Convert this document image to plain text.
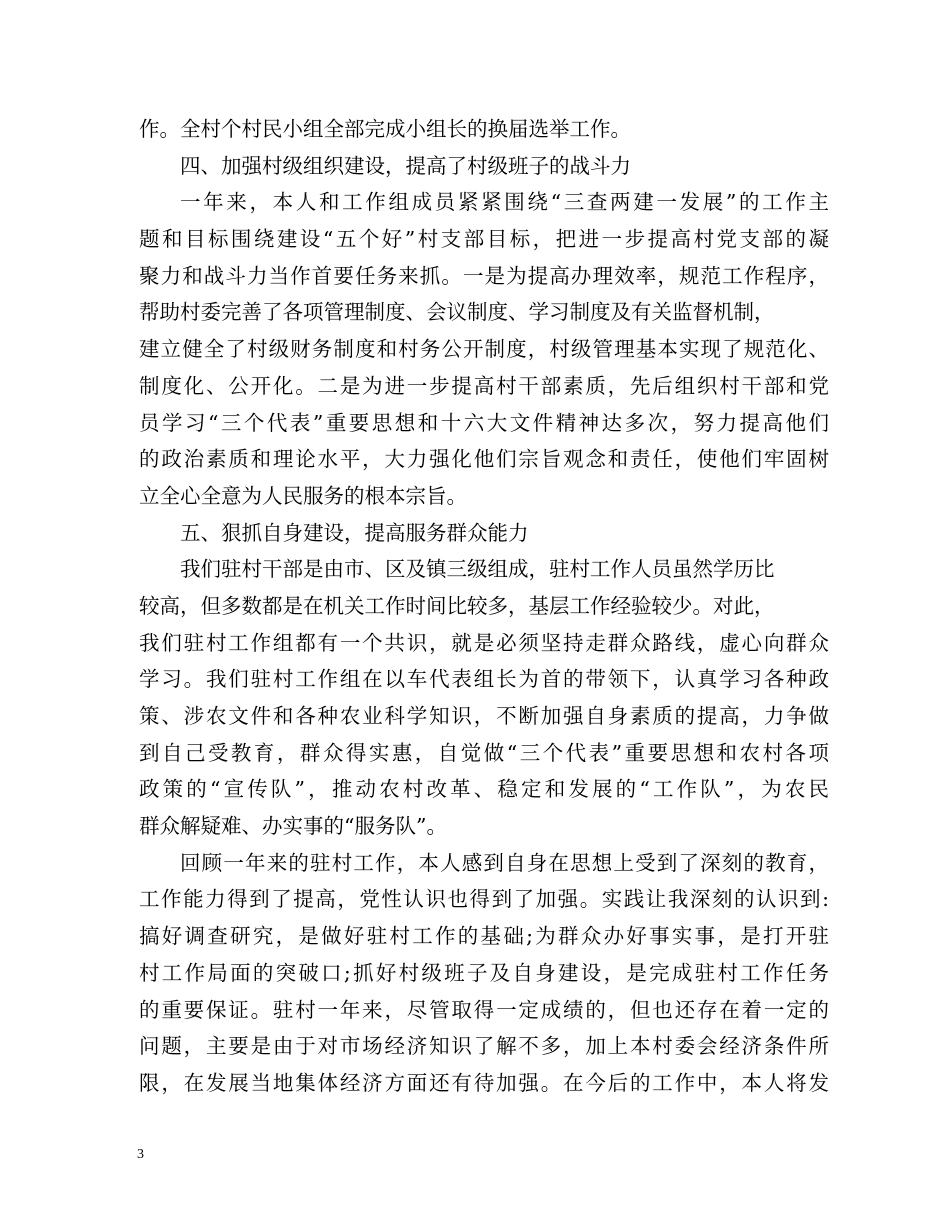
作。全村个村民小组全部完成小组长的换届选举工作。
四、加强村级组织建设，提高了村级班子的战斗力
一年来，本人和工作组成员紧紧围绕“三查两建一发展”的工作主
题和目标围绕建设“五个好”村支部目标，把进一步提高村党支部的凝
聚力和战斗力当作首要任务来抓。一是为提高办理效率，规范工作程序，
帮助村委完善了各项管理制度、会议制度、学习制度及有关监督机制，
建立健全了村级财务制度和村务公开制度，村级管理基本实现了规范化、
制度化、公开化。二是为进一步提高村干部素质，先后组织村干部和党
员学习“三个代表”重要思想和十六大文件精神达多次，努力提高他们
的政治素质和理论水平，大力强化他们宗旨观念和责任，使他们牢固树
立全心全意为人民服务的根本宗旨。
五、狠抓自身建设，提高服务群众能力
我们驻村干部是由市、区及镇三级组成，驻村工作人员虽然学历比
较高，但多数都是在机关工作时间比较多，基层工作经验较少。对此，
我们驻村工作组都有一个共识，就是必须坚持走群众路线，虚心向群众
学习。我们驻村工作组在以车代表组长为首的带领下，认真学习各种政
策、涉农文件和各种农业科学知识，不断加强自身素质的提高，力争做
到自己受教育，群众得实惠，自觉做“三个代表”重要思想和农村各项
政策的“宣传队”，推动农村改革、稳定和发展的“工作队”，为农民
群众解疑难、办实事的“服务队”。
回顾一年来的驻村工作，本人感到自身在思想上受到了深刻的教育，
工作能力得到了提高，党性认识也得到了加强。实践让我深刻的认识到:
搞好调查研究，是做好驻村工作的基础;为群众办好事实事，是打开驻
村工作局面的突破口;抓好村级班子及自身建设，是完成驻村工作任务
的重要保证。驻村一年来，尽管取得一定成绩的，但也还存在着一定的
问题，主要是由于对市场经济知识了解不多，加上本村委会经济条件所
限，在发展当地集体经济方面还有待加强。在今后的工作中，本人将发
3
